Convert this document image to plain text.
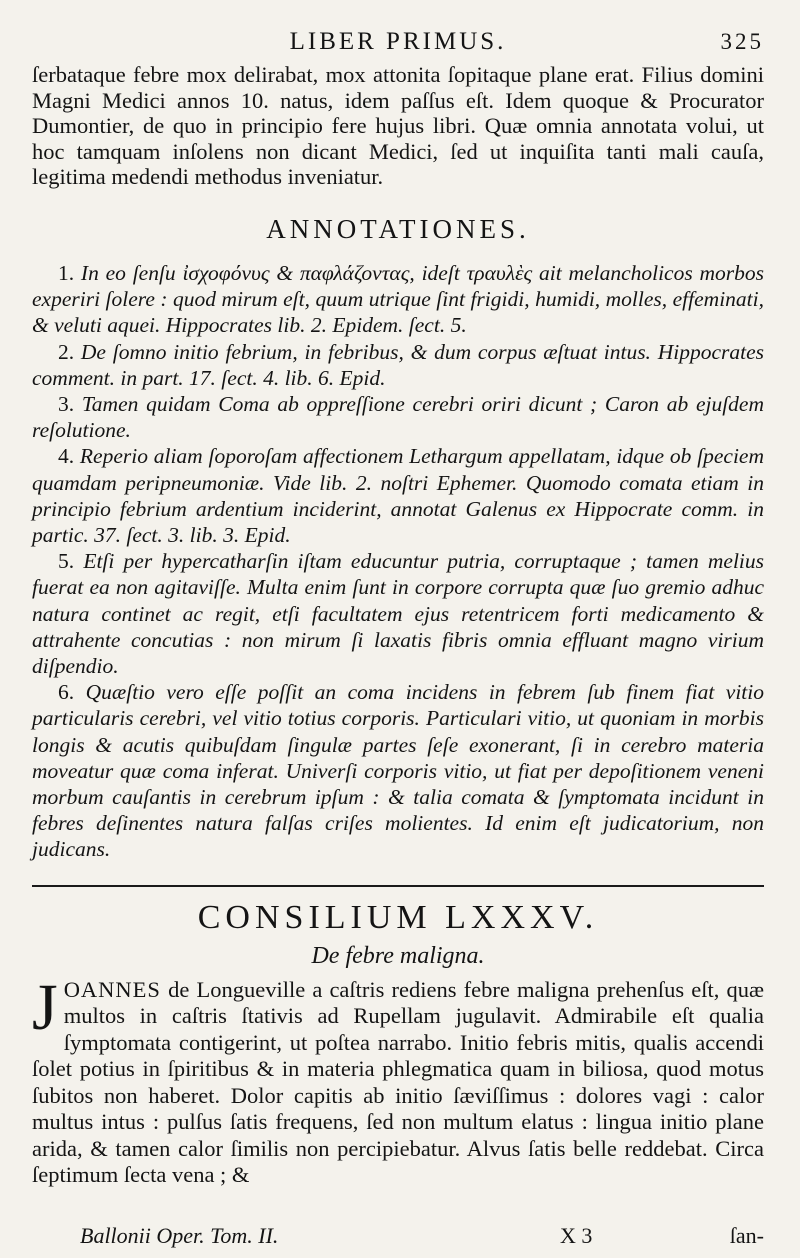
LIBER PRIMUS.	325

ſerbataque febre mox delirabat, mox attonita ſopitaque plane erat. Filius domini Magni Medici annos 10. natus, idem paſſus eſt. Idem quoque & Procurator Dumontier, de quo in principio fere hujus libri. Quæ omnia annotata volui, ut hoc tamquam inſolens non dicant Medici, ſed ut inquiſita tanti mali cauſa, legitima medendi methodus inveniatur.

ANNOTATIONES.

1. In eo ſenſu ἰσχοφόνυς & παφλάζοντας, ideſt τραυλὲς ait melancholicos morbos experiri ſolere : quod mirum eſt, quum utrique ſint frigidi, humidi, molles, effeminati, & veluti aquei. Hippocrates lib. 2. Epidem. ſect. 5.

2. De ſomno initio febrium, in febribus, & dum corpus æſtuat intus. Hippocrates comment. in part. 17. ſect. 4. lib. 6. Epid.

3. Tamen quidam Coma ab oppreſſione cerebri oriri dicunt ; Caron ab ejuſdem reſolutione.

4. Reperio aliam ſoporoſam affectionem Lethargum appellatam, idque ob ſpeciem quamdam peripneumoniæ. Vide lib. 2. noſtri Ephemer. Quomodo comata etiam in principio febrium ardentium inciderint, annotat Galenus ex Hippocrate comm. in partic. 37. ſect. 3. lib. 3. Epid.

5. Etſi per hypercatharſin iſtam educuntur putria, corruptaque ; tamen melius fuerat ea non agitaviſſe. Multa enim ſunt in corpore corrupta quæ ſuo gremio adhuc natura continet ac regit, etſi facultatem ejus retentricem forti medicamento & attrahente concutias : non mirum ſi laxatis fibris omnia effluant magno virium diſpendio.

6. Quæſtio vero eſſe poſſit an coma incidens in febrem ſub finem fiat vitio particularis cerebri, vel vitio totius corporis. Particulari vitio, ut quoniam in morbis longis & acutis quibuſdam ſingulæ partes ſeſe exonerant, ſi in cerebro materia moveatur quæ coma inferat. Univerſi corporis vitio, ut fiat per depoſitionem veneni morbum cauſantis in cerebrum ipſum : & talia comata & ſymptomata incidunt in febres deſinentes natura falſas criſes molientes. Id enim eſt judicatorium, non judicans.

CONSILIUM LXXXV.
De febre maligna.

JOANNES de Longueville a caſtris rediens febre maligna prehenſus eſt, quæ multos in caſtris ſtativis ad Rupellam jugulavit. Admirabile eſt qualia ſymptomata contigerint, ut poſtea narrabo. Initio febris mitis, qualis accendi ſolet potius in ſpiritibus & in materia phlegmatica quam in biliosa, quod motus ſubitos non haberet. Dolor capitis ab initio ſæviſſimus : dolores vagi : calor multus intus : pulſus ſatis frequens, ſed non multum elatus : lingua initio plane arida, & tamen calor ſimilis non percipiebatur. Alvus ſatis belle reddebat. Circa ſeptimum ſecta vena ; &

Ballonii Oper. Tom. II.	X 3	ſan-
